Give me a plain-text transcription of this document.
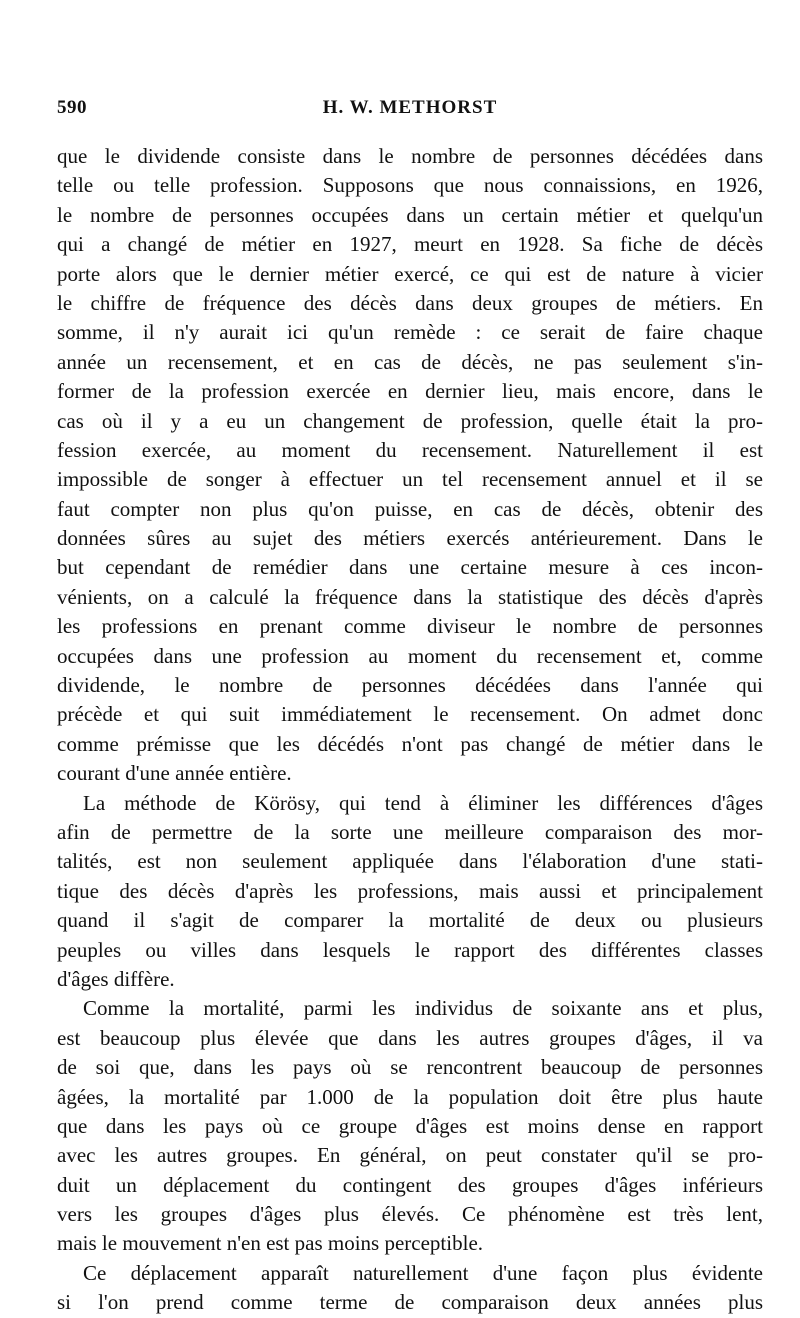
590	H. W. METHORST
que le dividende consiste dans le nombre de personnes décédées dans
telle ou telle profession. Supposons que nous connaissions, en 1926,
le nombre de personnes occupées dans un certain métier et quelqu'un
qui a changé de métier en 1927, meurt en 1928. Sa fiche de décès
porte alors que le dernier métier exercé, ce qui est de nature à vicier
le chiffre de fréquence des décès dans deux groupes de métiers. En
somme, il n'y aurait ici qu'un remède : ce serait de faire chaque
année un recensement, et en cas de décès, ne pas seulement s'in-
former de la profession exercée en dernier lieu, mais encore, dans le
cas où il y a eu un changement de profession, quelle était la pro-
fession exercée, au moment du recensement. Naturellement il est
impossible de songer à effectuer un tel recensement annuel et il se
faut compter non plus qu'on puisse, en cas de décès, obtenir des
données sûres au sujet des métiers exercés antérieurement. Dans le
but cependant de remédier dans une certaine mesure à ces incon-
vénients, on a calculé la fréquence dans la statistique des décès d'après
les professions en prenant comme diviseur le nombre de personnes
occupées dans une profession au moment du recensement et, comme
dividende, le nombre de personnes décédées dans l'année qui
précède et qui suit immédiatement le recensement. On admet donc
comme prémisse que les décédés n'ont pas changé de métier dans le
courant d'une année entière.
La méthode de Körösy, qui tend à éliminer les différences d'âges
afin de permettre de la sorte une meilleure comparaison des mor-
talités, est non seulement appliquée dans l'élaboration d'une stati-
tique des décès d'après les professions, mais aussi et principalement
quand il s'agit de comparer la mortalité de deux ou plusieurs
peuples ou villes dans lesquels le rapport des différentes classes
d'âges diffère.
Comme la mortalité, parmi les individus de soixante ans et plus,
est beaucoup plus élevée que dans les autres groupes d'âges, il va
de soi que, dans les pays où se rencontrent beaucoup de personnes
âgées, la mortalité par 1.000 de la population doit être plus haute
que dans les pays où ce groupe d'âges est moins dense en rapport
avec les autres groupes. En général, on peut constater qu'il se pro-
duit un déplacement du contingent des groupes d'âges inférieurs
vers les groupes d'âges plus élevés. Ce phénomène est très lent,
mais le mouvement n'en est pas moins perceptible.
Ce déplacement apparaît naturellement d'une façon plus évidente
si l'on prend comme terme de comparaison deux années plus
